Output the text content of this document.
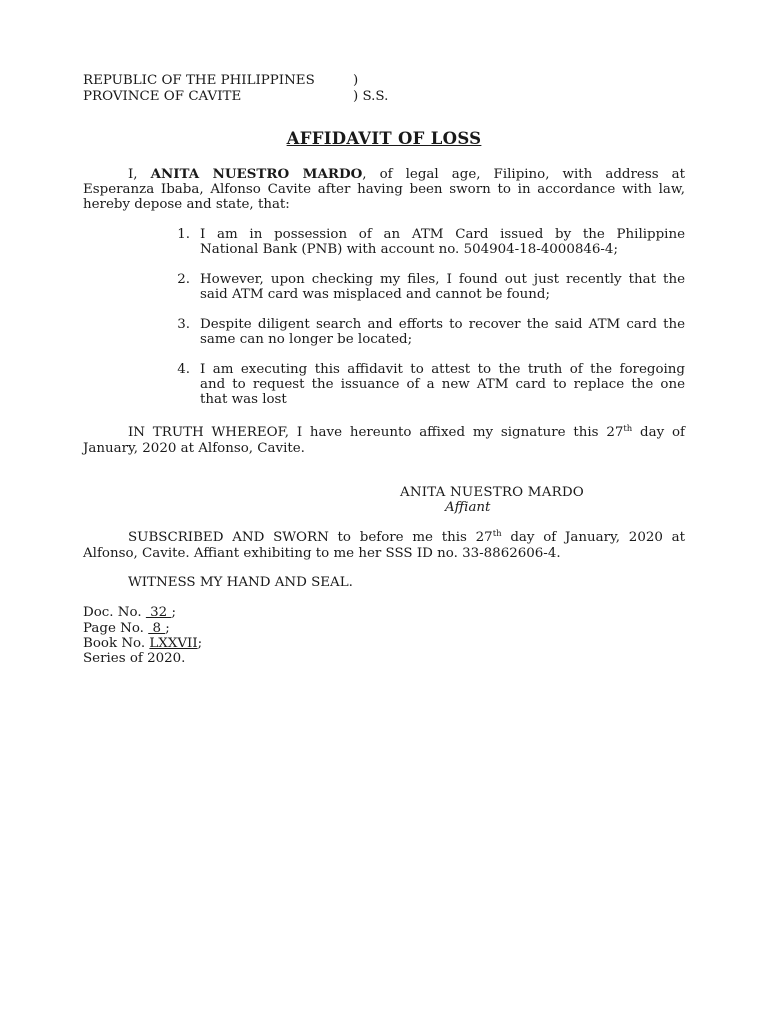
REPUBLIC OF THE PHILIPPINES	)
PROVINCE OF CAVITE	) S.S.
AFFIDAVIT OF LOSS
I, ANITA NUESTRO MARDO, of legal age, Filipino, with address at
Esperanza Ibaba, Alfonso Cavite after having been sworn to in accordance with law,
hereby depose and state, that:
1. I am in possession of an ATM Card issued by the Philippine
National Bank (PNB) with account no. 504904-18-4000846-4;
2. However, upon checking my files, I found out just recently that the
said ATM card was misplaced and cannot be found;
3. Despite diligent search and efforts to recover the said ATM card the
same can no longer be located;
4. I am executing this affidavit to attest to the truth of the foregoing
and to request the issuance of a new ATM card to replace the one
that was lost
IN TRUTH WHEREOF, I have hereunto affixed my signature this 27th day of
January, 2020 at Alfonso, Cavite.
ANITA NUESTRO MARDO
Affiant
SUBSCRIBED AND SWORN to before me this 27th day of January, 2020 at
Alfonso, Cavite. Affiant exhibiting to me her SSS ID no. 33-8862606-4.
WITNESS MY HAND AND SEAL.
Doc. No.  32 ;
Page No.  8 ;
Book No. LXXVII;
Series of 2020.
